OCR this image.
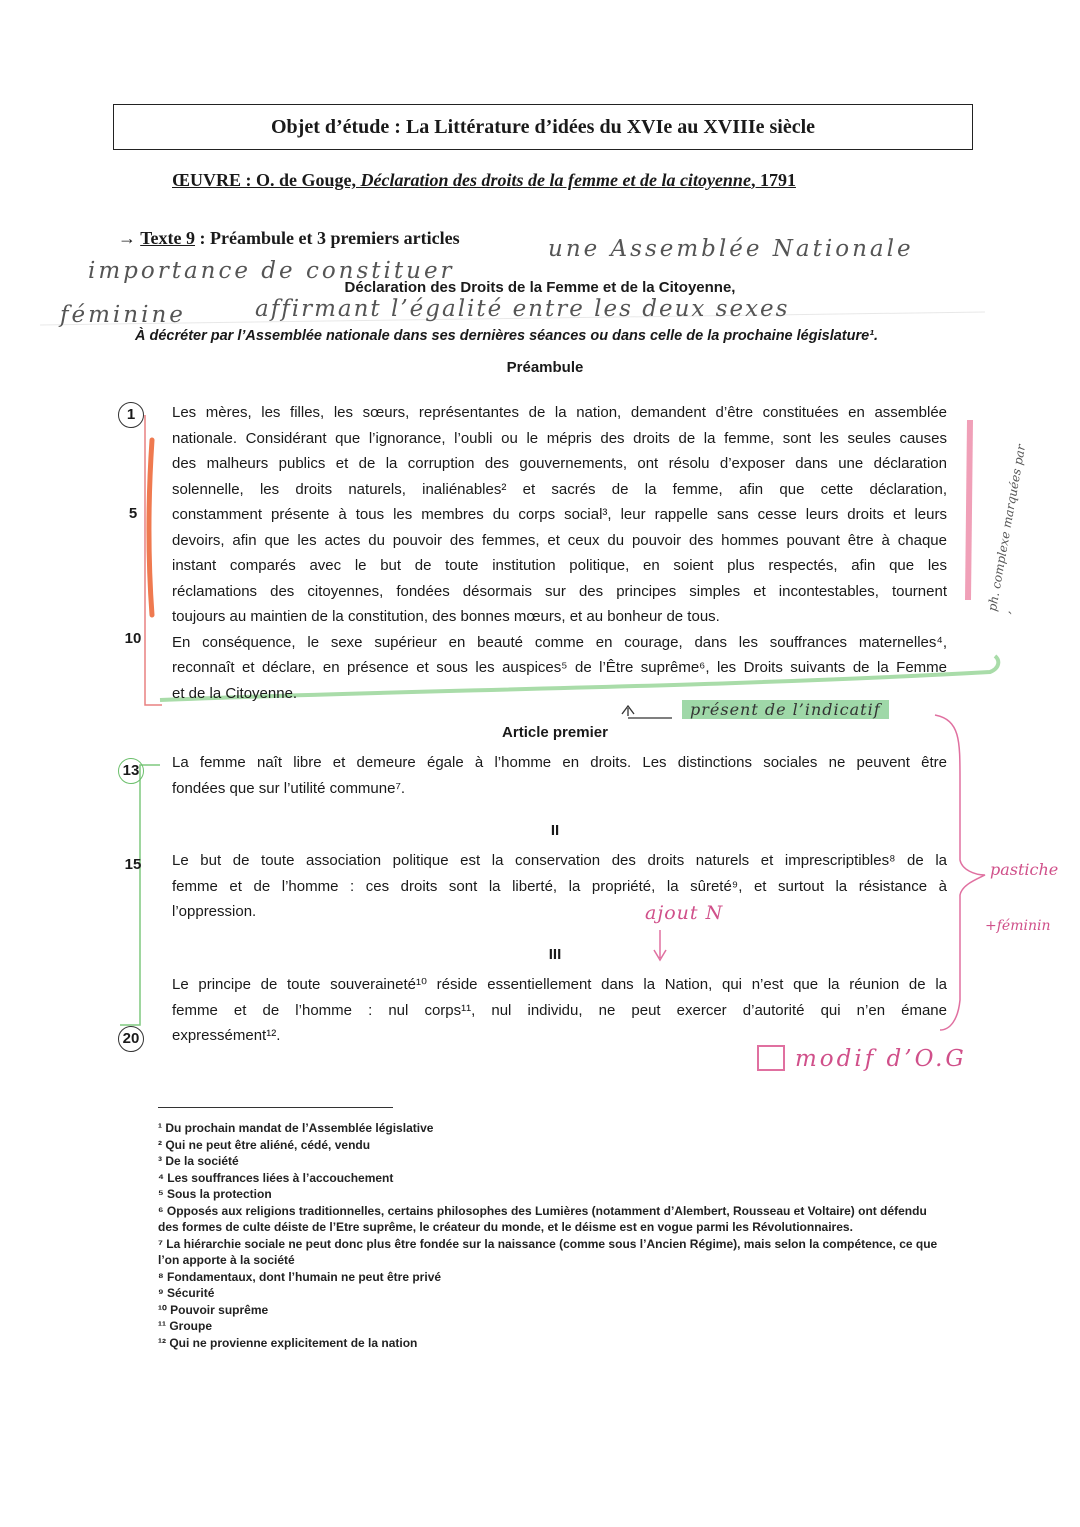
Objet d’étude : La Littérature d’idées du XVIe au XVIIIe siècle
ŒUVRE : O. de Gouge, Déclaration des droits de la femme et de la citoyenne, 1791
→ Texte 9 : Préambule et 3 premiers articles
importance de constituer
une Assemblée Nationale
féminine	affirmant l’égalité entre les deux sexes
Déclaration des Droits de la Femme et de la Citoyenne,
À décréter par l’Assemblée nationale dans ses dernières séances ou dans celle de la prochaine législature¹.
Préambule
1
5
10
13
15
20

Les mères, les filles, les sœurs, représentantes de la nation, demandent d’être constituées en assemblée

nationale. Considérant que l’ignorance, l’oubli ou le mépris des droits de la femme, sont les seules causes

des malheurs publics et de la corruption des gouvernements, ont résolu d’exposer dans une déclaration

solennelle, les droits naturels, inaliénables² et sacrés de la femme, afin que cette déclaration,

constamment présente à tous les membres du corps social³, leur rappelle sans cesse leurs droits et leurs

devoirs, afin que les actes du pouvoir des femmes, et ceux du pouvoir des hommes pouvant être à chaque

instant comparés avec le but de toute institution politique, en soient plus respectés, afin que les

réclamations des citoyennes, fondées désormais sur des principes simples et incontestables, tournent

toujours au maintien de la constitution, des bonnes mœurs, et au bonheur de tous.

En conséquence, le sexe supérieur en beauté comme en courage, dans les souffrances maternelles⁴,

reconnaît et déclare, en présence et sous les auspices⁵ de l’Être suprême⁶, les Droits suivants de la Femme

et de la Citoyenne.

présent de l’indicatif
Article premier

La femme naît libre et demeure égale à l’homme en droits. Les distinctions sociales ne peuvent être

fondées que sur l’utilité commune⁷.

II

Le but de toute association politique est la conservation des droits naturels et imprescriptibles⁸ de la

femme et de l’homme : ces droits sont la liberté, la propriété, la sûreté⁹, et surtout la résistance à

l’oppression.	ajout N
III

Le principe de toute souveraineté¹⁰ réside essentiellement dans la Nation, qui n’est que la réunion de la

femme et de l’homme : nul corps¹¹, nul individu, ne peut exercer d’autorité qui n’en émane

expressément¹².

modif d’O.G
pastiche
+féminin
ph. complexe marquées par ,
¹ Du prochain mandat de l’Assemblée législative
² Qui ne peut être aliéné, cédé, vendu
³ De la société
⁴ Les souffrances liées à l’accouchement
⁵ Sous la protection
⁶ Opposés aux religions traditionnelles, certains philosophes des Lumières (notamment d’Alembert, Rousseau et Voltaire) ont défendu des formes de culte déiste de l’Etre suprême, le créateur du monde, et le déisme est en vogue parmi les Révolutionnaires.
⁷ La hiérarchie sociale ne peut donc plus être fondée sur la naissance (comme sous l’Ancien Régime), mais selon la compétence, ce que l’on apporte à la société
⁸ Fondamentaux, dont l’humain ne peut être privé
⁹ Sécurité
¹⁰ Pouvoir suprême
¹¹ Groupe
¹² Qui ne provienne explicitement de la nation
